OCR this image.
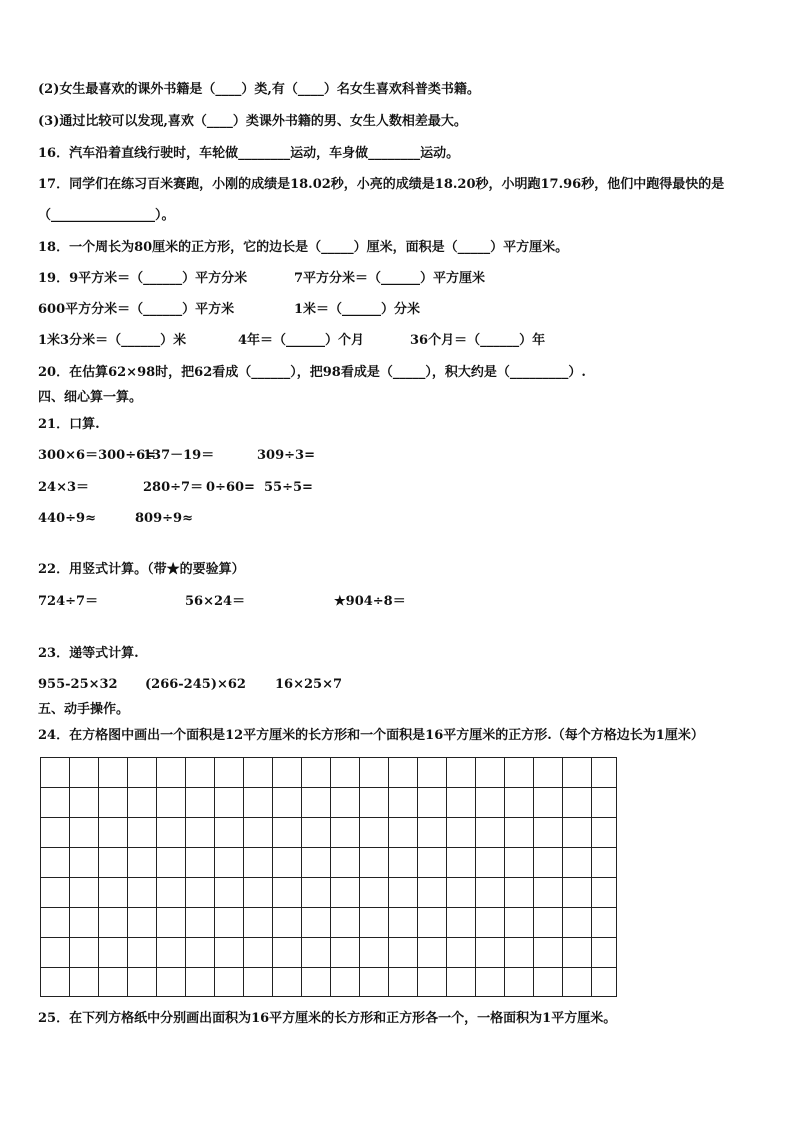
(2)女生最喜欢的课外书籍是（____）类,有（____）名女生喜欢科普类书籍。
(3)通过比较可以发现,喜欢（____）类课外书籍的男、女生人数相差最大。
16．汽车沿着直线行驶时，车轮做________运动，车身做________运动。
17．同学们在练习百米赛跑，小刚的成绩是18.02秒，小亮的成绩是18.20秒，小明跑17.96秒，他们中跑得最快的是
（________________）。
18．一个周长为80厘米的正方形，它的边长是（_____）厘米，面积是（_____）平方厘米。
19．9平方米＝（______）平方分米	7平方分米＝（______）平方厘米
600平方分米＝（______）平方米	1米＝（______）分米
1米3分米＝（______）米	4年＝（______）个月	36个月＝（______）年
20．在估算62×98时，把62看成（______），把98看成是（_____），积大约是（_________）.
四、细心算一算。
21．口算.
300×6＝300÷6=
137－19＝	309÷3=
24×3＝	280÷7＝ 0÷60= 55÷5=
440÷9≈	809÷9≈
22．用竖式计算。（带★的要验算）
724÷7＝	56×24＝	★904÷8＝
23．递等式计算.
955-25×32 (266-245)×62 16×25×7
五、动手操作。
24．在方格图中画出一个面积是12平方厘米的长方形和一个面积是16平方厘米的正方形.（每个方格边长为1厘米）
25．在下列方格纸中分别画出面积为16平方厘米的长方形和正方形各一个，一格面积为1平方厘米。
